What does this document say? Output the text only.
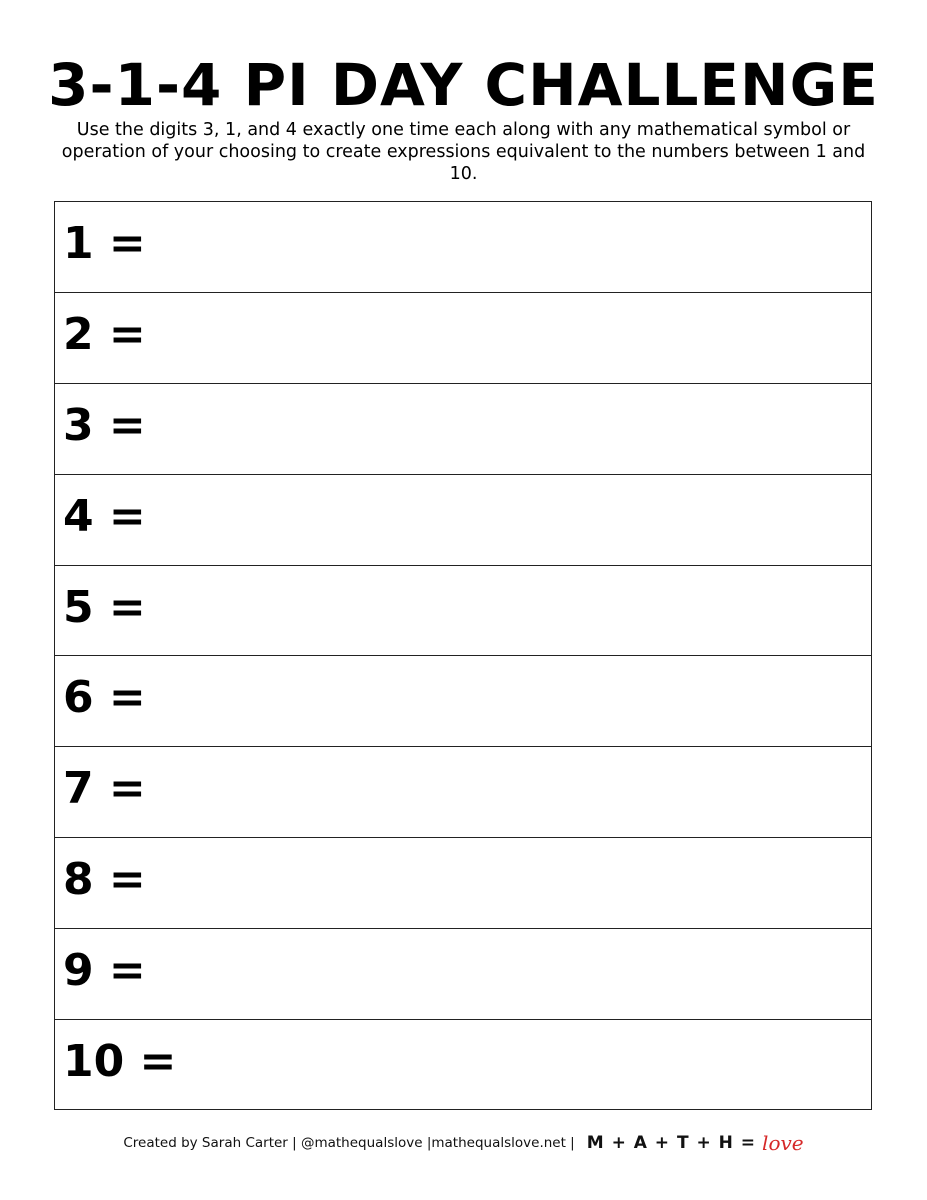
3-1-4 PI DAY CHALLENGE
Use the digits 3, 1, and 4 exactly one time each along with any mathematical symbol or operation of your choosing to create expressions equivalent to the numbers between 1 and 10.
1 =
2 =
3 =
4 =
5 =
6 =
7 =
8 =
9 =
10 =
Created by Sarah Carter | @mathequalslove |mathequalslove.net | M + A + T + H = love
